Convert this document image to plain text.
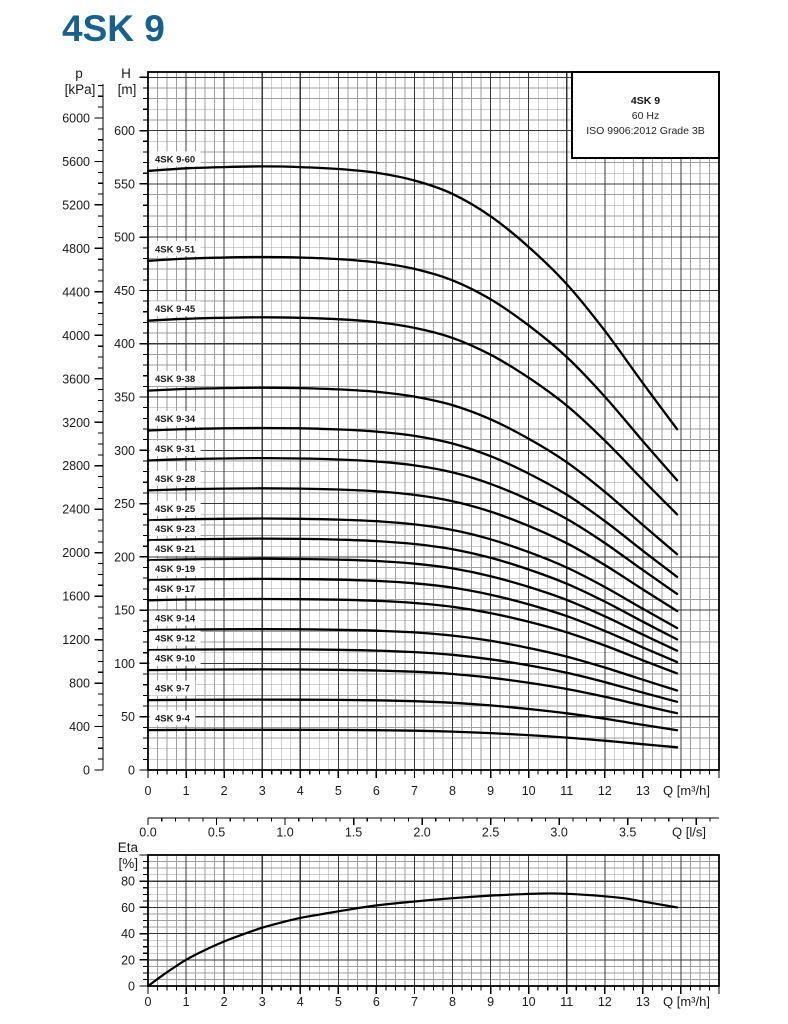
4SK 9
4SK 9-60
4SK 9-51
4SK 9-45
4SK 9-38
4SK 9-34
4SK 9-31
4SK 9-28
4SK 9-25
4SK 9-23
4SK 9-21
4SK 9-19
4SK 9-17
4SK 9-14
4SK 9-12
4SK 9-10
4SK 9-7
4SK 9-4
0
400
800
1200
1600
2000
2400
2800
3200
3600
4000
4400
4800
5200
5600
6000
p
[kPa]
0
50
100
150
200
250
300
350
400
450
500
550
600
H
[m]
0 1 2 3 4 5 6 7 8 9 10 11 12 13 Q [m³/h]
0.0	0.5	1.0	1.5	2.0	2.5	3.0	3.5	Q [l/s]
0
20
40
60
80
Eta
[%]
0 1 2 3 4 5 6 7 8 9 10 11 12 13 Q [m³/h]
4SK 9
60 Hz
ISO 9906:2012 Grade 3B
